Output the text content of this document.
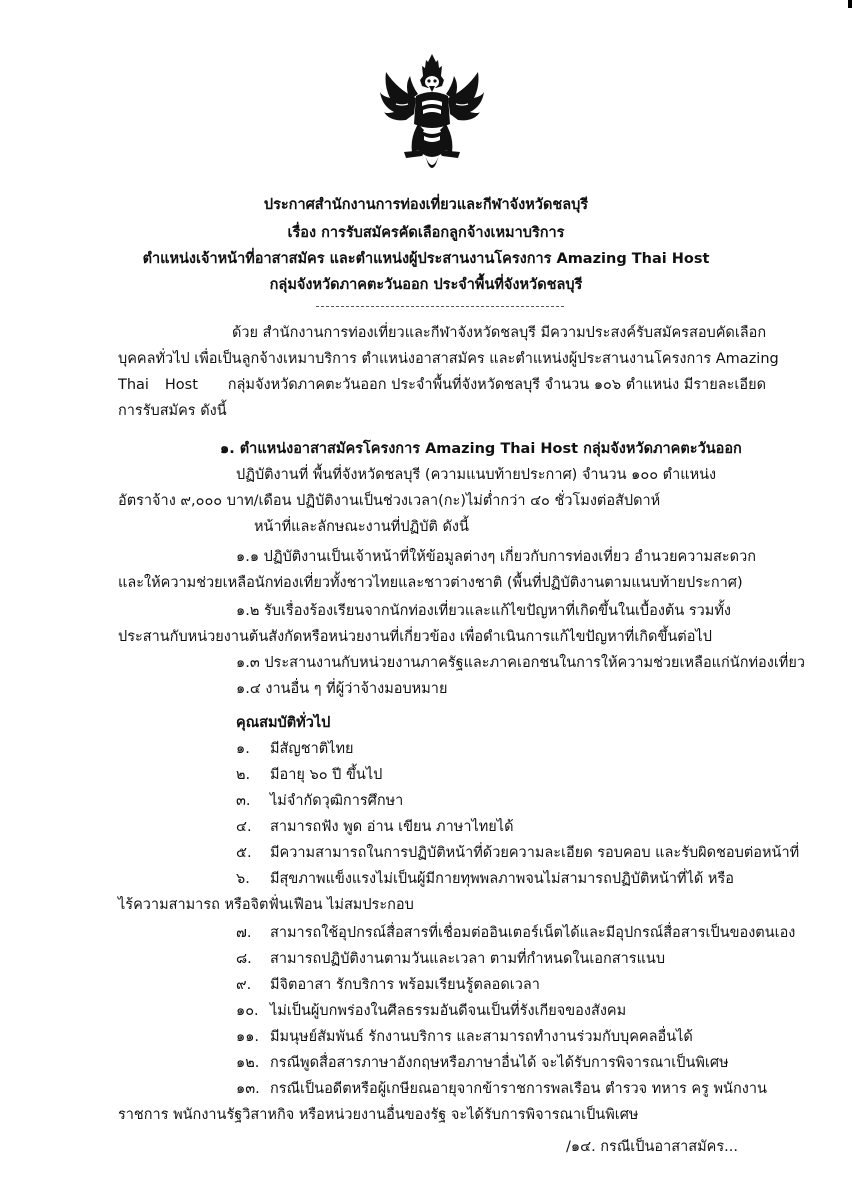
ประกาศสำนักงานการท่องเที่ยวและกีฬาจังหวัดชลบุรี
เรื่อง การรับสมัครคัดเลือกลูกจ้างเหมาบริการ
ตำแหน่งเจ้าหน้าที่อาสาสมัคร และตำแหน่งผู้ประสานงานโครงการ Amazing Thai Host
กลุ่มจังหวัดภาคตะวันออก ประจำพื้นที่จังหวัดชลบุรี
ด้วย สำนักงานการท่องเที่ยวและกีฬาจังหวัดชลบุรี มีความประสงค์รับสมัครสอบคัดเลือก
บุคคลทั่วไป เพื่อเป็นลูกจ้างเหมาบริการ ตำแหน่งอาสาสมัคร และตำแหน่งผู้ประสานงานโครงการ Amazing
Thai Host กลุ่มจังหวัดภาคตะวันออก ประจำพื้นที่จังหวัดชลบุรี จำนวน ๑๐๖ ตำแหน่ง มีรายละเอียด
การรับสมัคร ดังนี้
๑. ตำแหน่งอาสาสมัครโครงการ Amazing Thai Host กลุ่มจังหวัดภาคตะวันออก
ปฏิบัติงานที่ พื้นที่จังหวัดชลบุรี (ความแนบท้ายประกาศ) จำนวน ๑๐๐ ตำแหน่ง
อัตราจ้าง ๙,๐๐๐ บาท/เดือน ปฏิบัติงานเป็นช่วงเวลา(กะ)ไม่ต่ำกว่า ๔๐ ชั่วโมงต่อสัปดาห์
หน้าที่และลักษณะงานที่ปฏิบัติ ดังนี้
๑.๑ ปฏิบัติงานเป็นเจ้าหน้าที่ให้ข้อมูลต่างๆ เกี่ยวกับการท่องเที่ยว อำนวยความสะดวก
และให้ความช่วยเหลือนักท่องเที่ยวทั้งชาวไทยและชาวต่างชาติ (พื้นที่ปฏิบัติงานตามแนบท้ายประกาศ)
๑.๒ รับเรื่องร้องเรียนจากนักท่องเที่ยวและแก้ไขปัญหาที่เกิดขึ้นในเบื้องต้น รวมทั้ง
ประสานกับหน่วยงานต้นสังกัดหรือหน่วยงานที่เกี่ยวข้อง เพื่อดำเนินการแก้ไขปัญหาที่เกิดขึ้นต่อไป
๑.๓ ประสานงานกับหน่วยงานภาครัฐและภาคเอกชนในการให้ความช่วยเหลือแก่นักท่องเที่ยว
๑.๔ งานอื่น ๆ ที่ผู้ว่าจ้างมอบหมาย
คุณสมบัติทั่วไป
๑. มีสัญชาติไทย
๒. มีอายุ ๖๐ ปี ขึ้นไป
๓. ไม่จำกัดวุฒิการศึกษา
๔. สามารถฟัง พูด อ่าน เขียน ภาษาไทยได้
๕. มีความสามารถในการปฏิบัติหน้าที่ด้วยความละเอียด รอบคอบ และรับผิดชอบต่อหน้าที่
๖. มีสุขภาพแข็งแรงไม่เป็นผู้มีกายทุพพลภาพจนไม่สามารถปฏิบัติหน้าที่ได้ หรือ
ไร้ความสามารถ หรือจิตฟั่นเฟือน ไม่สมประกอบ
๗. สามารถใช้อุปกรณ์สื่อสารที่เชื่อมต่ออินเตอร์เน็ตได้และมีอุปกรณ์สื่อสารเป็นของตนเอง
๘. สามารถปฏิบัติงานตามวันและเวลา ตามที่กำหนดในเอกสารแนบ
๙. มีจิตอาสา รักบริการ พร้อมเรียนรู้ตลอดเวลา
๑๐. ไม่เป็นผู้บกพร่องในศีลธรรมอันดีจนเป็นที่รังเกียจของสังคม
๑๑. มีมนุษย์สัมพันธ์ รักงานบริการ และสามารถทำงานร่วมกับบุคคลอื่นได้
๑๒. กรณีพูดสื่อสารภาษาอังกฤษหรือภาษาอื่นได้ จะได้รับการพิจารณาเป็นพิเศษ
๑๓. กรณีเป็นอดีตหรือผู้เกษียณอายุจากข้าราชการพลเรือน ตำรวจ ทหาร ครู พนักงาน
ราชการ พนักงานรัฐวิสาหกิจ หรือหน่วยงานอื่นของรัฐ จะได้รับการพิจารณาเป็นพิเศษ
/๑๔. กรณีเป็นอาสาสมัคร...
